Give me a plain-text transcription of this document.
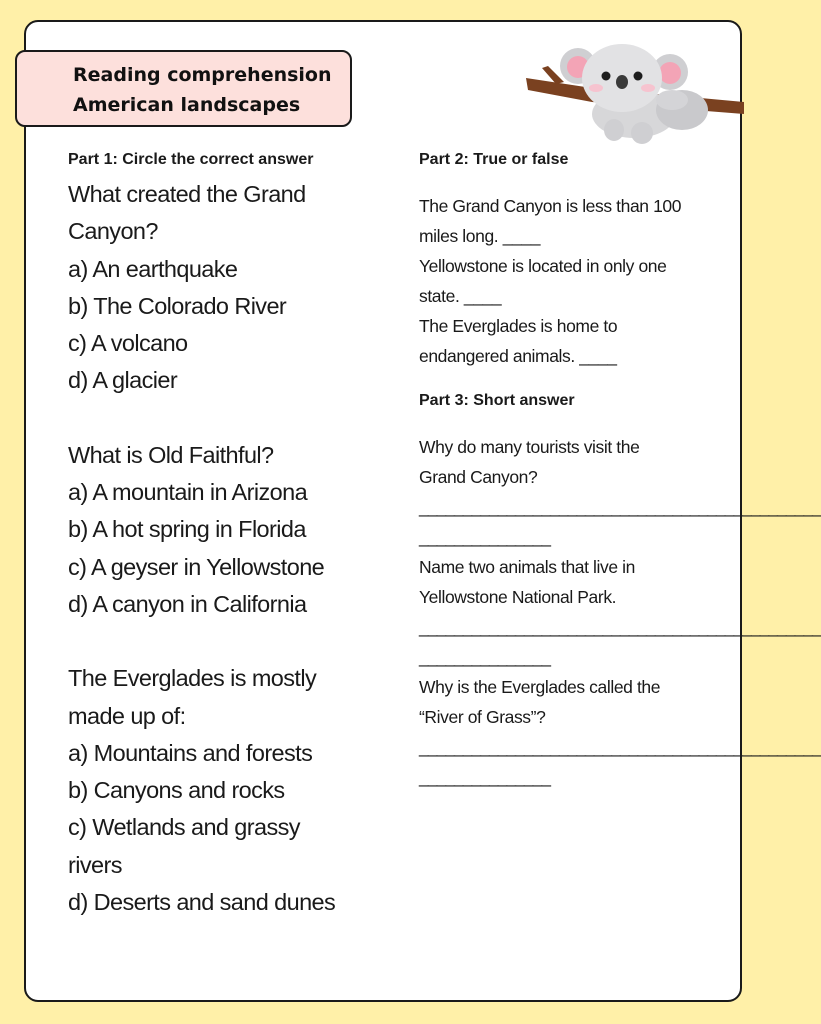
Reading comprehension
American landscapes
Part 1: Circle the correct answer
What created the Grand
Canyon?
a) An earthquake
b) The Colorado River
c) A volcano
d) A glacier
What is Old Faithful?
a) A mountain in Arizona
b) A hot spring in Florida
c) A geyser in Yellowstone
d) A canyon in California
The Everglades is mostly
made up of:
a) Mountains and forests
b) Canyons and rocks
c) Wetlands and grassy
rivers
d) Deserts and sand dunes
Part 2: True or false
The Grand Canyon is less than 100
miles long. ____
Yellowstone is located in only one
state. ____
The Everglades is home to
endangered animals. ____
Part 3: Short answer
Why do many tourists visit the
Grand Canyon?
______________________________________________
_______________
Name two animals that live in
Yellowstone National Park.
______________________________________________
_______________
Why is the Everglades called the
“River of Grass”?
______________________________________________
_______________
